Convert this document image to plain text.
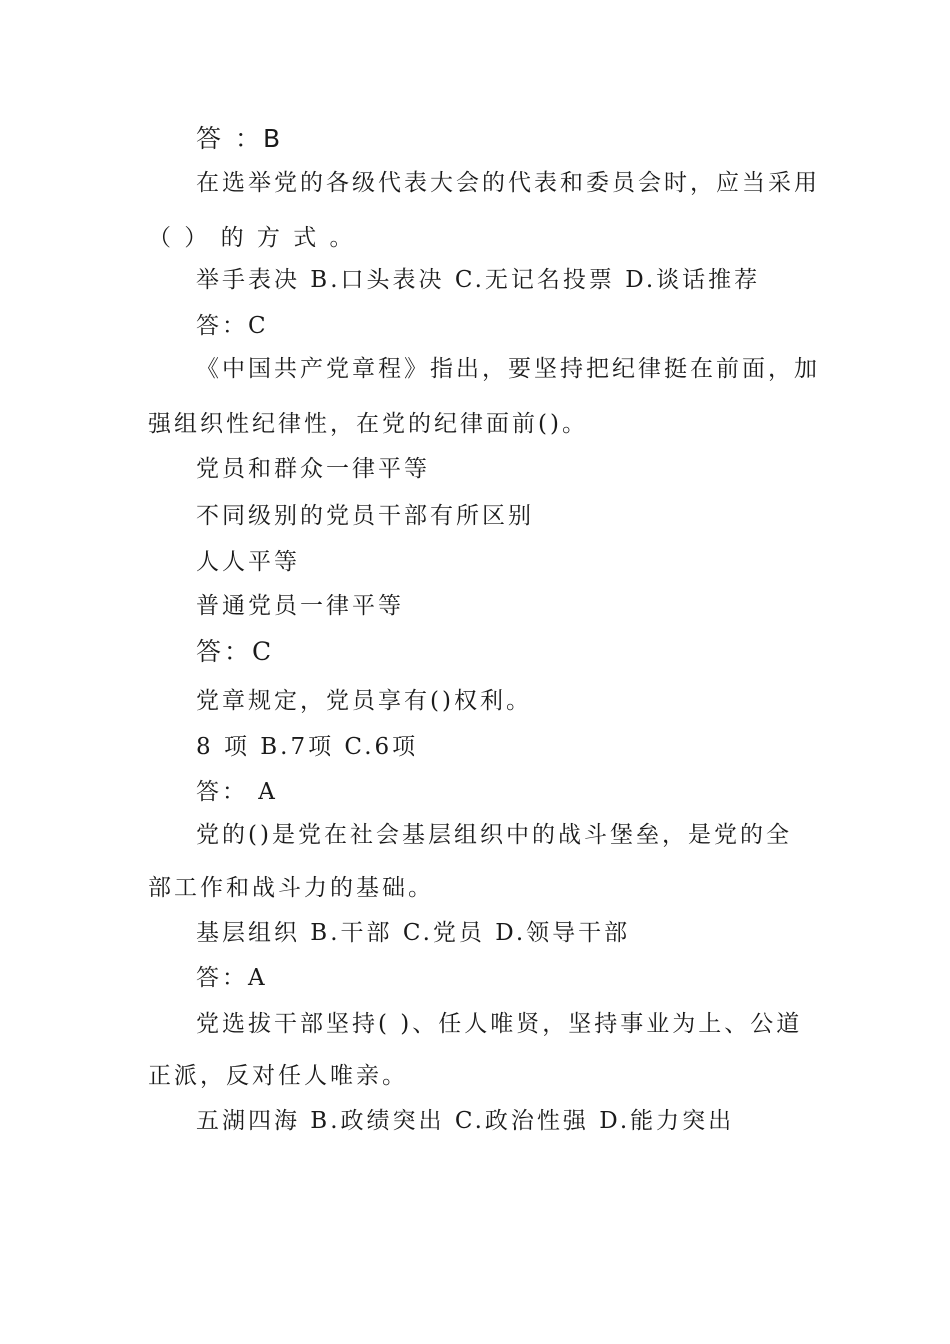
答 ：B
在选举党的各级代表大会的代表和委员会时，应当采用
（ ） 的 方 式 。
举手表决 B.口头表决 C.无记名投票 D.谈话推荐
答：C
《中国共产党章程》指出，要坚持把纪律挺在前面，加
强组织性纪律性，在党的纪律面前()。
党员和群众一律平等
不同级别的党员干部有所区别
人人平等
普通党员一律平等
答：C
党章规定，党员享有()权利。
8 项 B.7项 C.6项
答： A
党的()是党在社会基层组织中的战斗堡垒，是党的全
部工作和战斗力的基础。
基层组织 B.干部 C.党员 D.领导干部
答：A
党选拔干部坚持( )、任人唯贤，坚持事业为上、公道
正派，反对任人唯亲。
五湖四海 B.政绩突出 C.政治性强 D.能力突出
